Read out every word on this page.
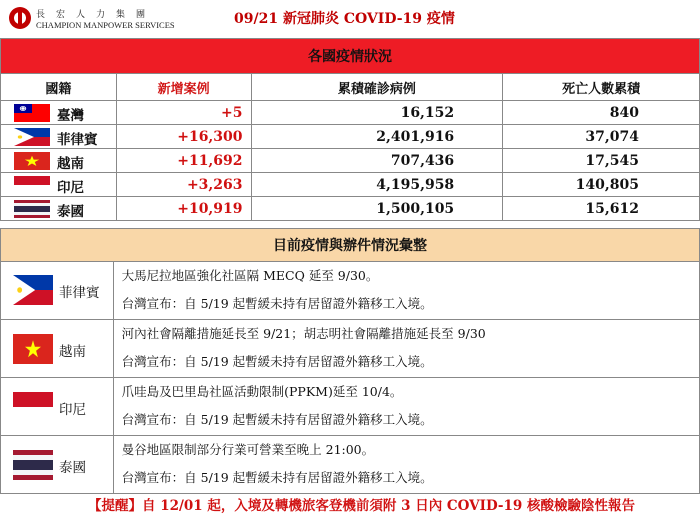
長宏人力集團
CHAMPION MANPOWER SERVICES	09/21 新冠肺炎 COVID-19 疫情
各國疫情狀況			
國籍	新增案例	累積確診病例	死亡人數累積

臺灣	+5	16,152	840

菲律賓	+16,300	2,401,916	37,074

越南	+11,692	707,436	17,545

印尼	+3,263	4,195,958	140,805

泰國	+10,919	1,500,105	15,612
目前疫情與辦件情況彙整	

菲律賓	大馬尼拉地區強化社區隔 MECQ 延至 9/30。
台灣宣布：自 5/19 起暫緩未持有居留證外籍移工入境。

越南	河內社會隔離措施延長至 9/21；胡志明社會隔離措施延長至 9/30
台灣宣布：自 5/19 起暫緩未持有居留證外籍移工入境。

印尼	爪哇島及巴里島社區活動限制(PPKM)延至 10/4。
台灣宣布：自 5/19 起暫緩未持有居留證外籍移工入境。

泰國	曼谷地區限制部分行業可營業至晚上 21:00。
台灣宣布：自 5/19 起暫緩未持有居留證外籍移工入境。
【提醒】自 12/01 起，入境及轉機旅客登機前須附 3 日內 COVID-19 核酸檢驗陰性報告
